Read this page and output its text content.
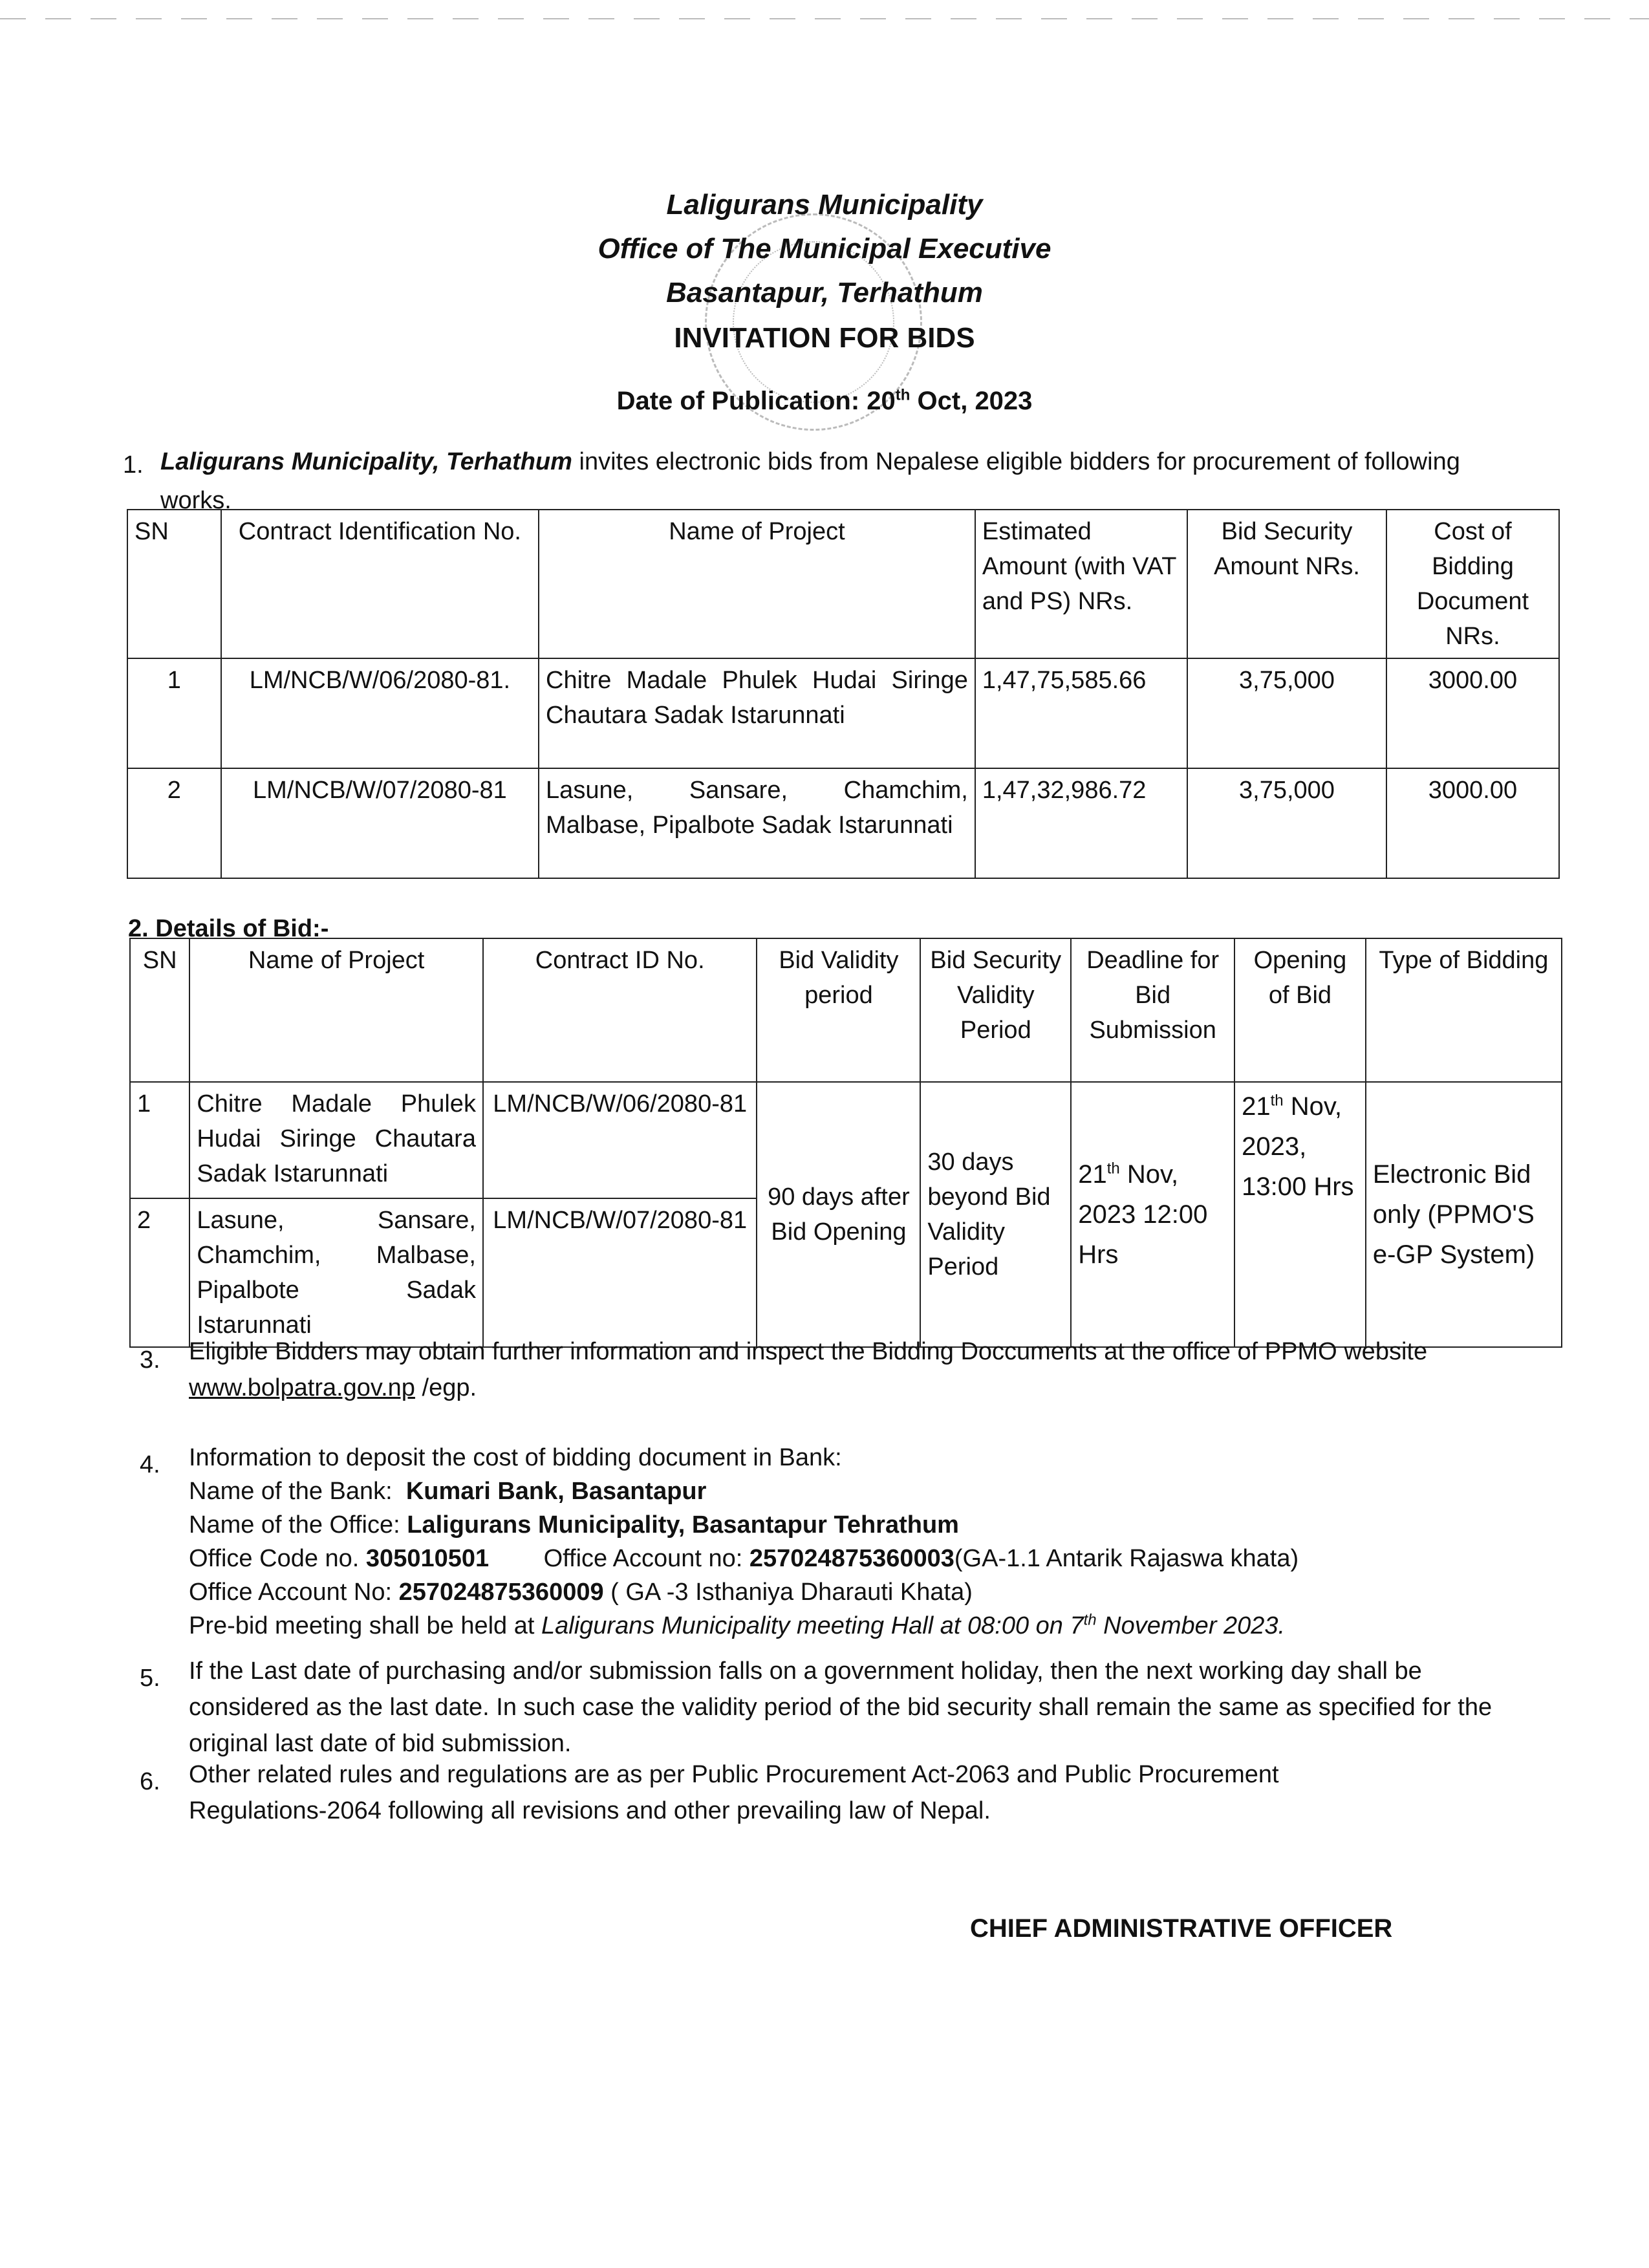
Laligurans Municipality
Office of The Municipal Executive
Basantapur, Terhathum
INVITATION FOR BIDS
Date of Publication: 20th Oct, 2023
1. Laligurans Municipality, Terhathum invites electronic bids from Nepalese eligible bidders for procurement of following works.
SN	Contract Identification No.	Name of Project	Estimated Amount (with VAT and PS) NRs.	Bid Security Amount NRs.	Cost of Bidding Document NRs.
1	LM/NCB/W/06/2080-81.	Chitre Madale Phulek Hudai Siringe Chautara Sadak Istarunnati	1,47,75,585.66	3,75,000	3000.00
2	LM/NCB/W/07/2080-81	Lasune, Sansare, Chamchim, Malbase, Pipalbote Sadak Istarunnati	1,47,32,986.72	3,75,000	3000.00
2. Details of Bid:-
SN	Name of Project	Contract ID No.	Bid Validity period	Bid Security Validity Period	Deadline for Bid Submission	Opening of Bid	Type of Bidding
1	Chitre Madale Phulek Hudai Siringe Chautara Sadak Istarunnati	LM/NCB/W/06/2080-81	90 days after Bid Opening	30 days beyond Bid Validity Period	21th Nov, 2023 12:00 Hrs	21th Nov, 2023, 13:00 Hrs	Electronic Bid only (PPMO'S e-GP System)
2	Lasune, Sansare, Chamchim, Malbase, Pipalbote Sadak Istarunnati	LM/NCB/W/07/2080-81					
3. Eligible Bidders may obtain further information and inspect the Bidding Doccuments at the office of PPMO website
www.bolpatra.gov.np /egp.
4. Information to deposit the cost of bidding document in Bank:
Name of the Bank: Kumari Bank, Basantapur
Name of the Office: Laligurans Municipality, Basantapur Tehrathum
Office Code no. 305010501 Office Account no: 257024875360003(GA-1.1 Antarik Rajaswa khata)
Office Account No: 257024875360009 ( GA -3 Isthaniya Dharauti Khata)
Pre-bid meeting shall be held at Laligurans Municipality meeting Hall at 08:00 on 7th November 2023.
5. If the Last date of purchasing and/or submission falls on a government holiday, then the next working day shall be considered as the last date. In such case the validity period of the bid security shall remain the same as specified for the original last date of bid submission.
6. Other related rules and regulations are as per Public Procurement Act-2063 and Public Procurement Regulations-2064 following all revisions and other prevailing law of Nepal.
CHIEF ADMINISTRATIVE OFFICER
